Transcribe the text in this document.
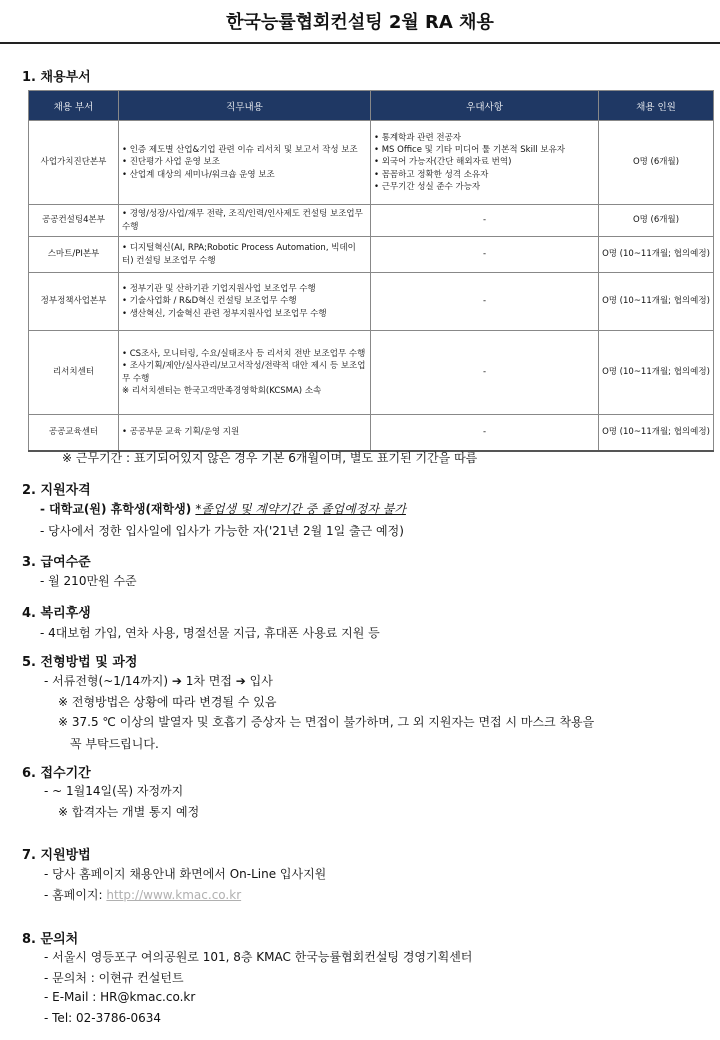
한국능률협회컨설팅 2월 RA 채용
1. 채용부서
채용 부서	직무내용	우대사항	채용 인원
사업가치진단본부	• 인증 제도별 산업&기업 관련 이슈 리서치 및 보고서 작성 보조
• 진단평가 사업 운영 보조
• 산업계 대상의 세미나/워크숍 운영 보조	• 통계학과 관련 전공자
• MS Office 및 기타 미디어 툴 기본적 Skill 보유자
• 외국어 가능자(간단 해외자료 번역)
• 꼼꼼하고 정확한 성격 소유자
• 근무기간 성실 준수 가능자	O명 (6개월)
공공컨설팅4본부	• 경영/성장/사업/재무 전략, 조직/인력/인사제도 컨설팅 보조업무 수행	-	O명 (6개월)
스마트/PI본부	• 디지털혁신(AI, RPA;Robotic Process Automation, 빅데이터) 컨설팅 보조업무 수행	-	O명 (10~11개월; 협의예정)
정부정책사업본부	• 정부기관 및 산하기관 기업지원사업 보조업무 수행
• 기술사업화 / R&D혁신 컨설팅 보조업무 수행
• 생산혁신, 기술혁신 관련 정부지원사업 보조업무 수행	-	O명 (10~11개월; 협의예정)
리서치센터	• CS조사, 모니터링, 수요/실태조사 등 리서치 전반 보조업무 수행
• 조사기획/제안/실사관리/보고서작성/전략적 대안 제시 등 보조업무 수행
※ 리서치센터는 한국고객만족경영학회(KCSMA) 소속	-	O명 (10~11개월; 협의예정)
공공교육센터	• 공공부문 교육 기획/운영 지원	-	O명 (10~11개월; 협의예정)
※ 근무기간 : 표기되어있지 않은 경우 기본 6개월이며, 별도 표기된 기간을 따름
2. 지원자격
- 대학교(원) 휴학생(재학생) *졸업생 및 계약기간 중 졸업예정자 불가
- 당사에서 정한 입사일에 입사가 가능한 자('21년 2월 1일 출근 예정)
3. 급여수준
- 월 210만원 수준
4. 복리후생
- 4대보험 가입, 연차 사용, 명절선물 지급, 휴대폰 사용료 지원 등
5. 전형방법 및 과정
- 서류전형(~1/14까지) ➔ 1차 면접 ➔ 입사
※ 전형방법은 상황에 따라 변경될 수 있음
※ 37.5 ℃ 이상의 발열자 및 호흡기 증상자 는 면접이 불가하며, 그 외 지원자는 면접 시 마스크 착용을
꼭 부탁드립니다.
6. 접수기간
- ~ 1월14일(목) 자정까지
※ 합격자는 개별 통지 예정
7. 지원방법
- 당사 홈페이지 채용안내 화면에서 On-Line 입사지원
- 홈페이지: http://www.kmac.co.kr
8. 문의처
- 서울시 영등포구 여의공원로 101, 8층 KMAC 한국능률협회컨설팅 경영기획센터
- 문의처 : 이현규 컨설턴트
- E-Mail : HR@kmac.co.kr
- Tel: 02-3786-0634
